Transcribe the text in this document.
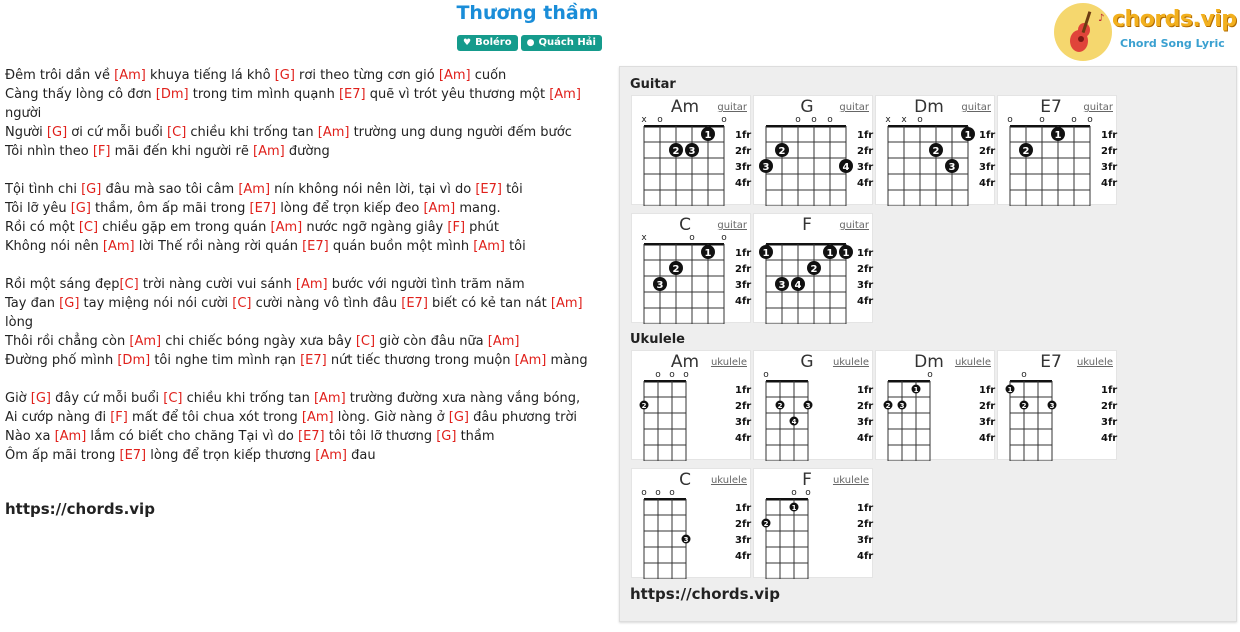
♪ chords.vip
Chord Song Lyric
Thương thầm
♥ Boléro	● Quách Hải
Đêm trôi dần về [Am] khuya tiếng lá khô [G] rơi theo từng cơn gió [Am] cuốn
Càng thấy lòng cô đơn [Dm] trong tim mình quạnh [E7] quẽ vì trót yêu thương một [Am]
người
Người [G] ơi cứ mỗi buổi [C] chiều khi trống tan [Am] trường ung dung người đếm bước
Tôi nhìn theo [F] mãi đến khi người rẽ [Am] đường
Tội tình chi [G] đâu mà sao tôi câm [Am] nín không nói nên lời, tại vì do [E7] tôi
Tôi lỡ yêu [G] thầm, ôm ấp mãi trong [E7] lòng để trọn kiếp đeo [Am] mang.
Rồi có một [C] chiều gặp em trong quán [Am] nước ngỡ ngàng giây [F] phút
Không nói nên [Am] lời Thế rồi nàng rời quán [E7] quán buồn một mình [Am] tôi
Rồi một sáng đẹp[C] trời nàng cười vui sánh [Am] bước với người tình trăm năm
Tay đan [G] tay miệng nói nói cười [C] cười nàng vô tình đâu [E7] biết có kẻ tan nát [Am]
lòng
Thôi rồi chẳng còn [Am] chi chiếc bóng ngày xưa bây [C] giờ còn đâu nữa [Am]
Đường phố mình [Dm] tôi nghe tim mình rạn [E7] nứt tiếc thương trong muộn [Am] màng
Giờ [G] đây cứ mỗi buổi [C] chiều khi trống tan [Am] trường đường xưa nàng vắng bóng,
Ai cướp nàng đi [F] mất để tôi chua xót trong [Am] lòng. Giờ nàng ở [G] đâu phương trời
Nào xa [Am] lắm có biết cho chăng Tại vì do [E7] tôi tôi lỡ thương [G] thầm
Ôm ấp mãi trong [E7] lòng để trọn kiếp thương [Am] đau
https://chords.vip
Guitar
Ukulele
https://chords.vip
Am	guitar
1fr
2fr
3fr
4fr
x o	o
1
2 3
G	guitar
1fr
2fr
3fr
4fr
o o o
2
3	4
Dm	guitar
1fr
2fr
3fr
4fr
x x o
1
2
3
E7	guitar
1fr
2fr
3fr
4fr
o	o	o o
1
2
C	guitar
1fr
2fr
3fr
4fr
x	o	o
1
2
3
F	guitar
1fr
2fr
3fr
4fr
2
3 4
1	1 1
Am	ukulele
1fr
2fr
3fr
4fr
o o o
2
G	ukulele
1fr
2fr
3fr
4fr
o
2	3
4
Dm	ukulele
1fr
2fr
3fr
4fr
o
2 3
1
E7	ukulele
1fr
2fr
3fr
4fr
o
1
2	3
C	ukulele
1fr
2fr
3fr
4fr
o o o
3
F	ukulele
1fr
2fr
3fr
4fr
o o
2
1
